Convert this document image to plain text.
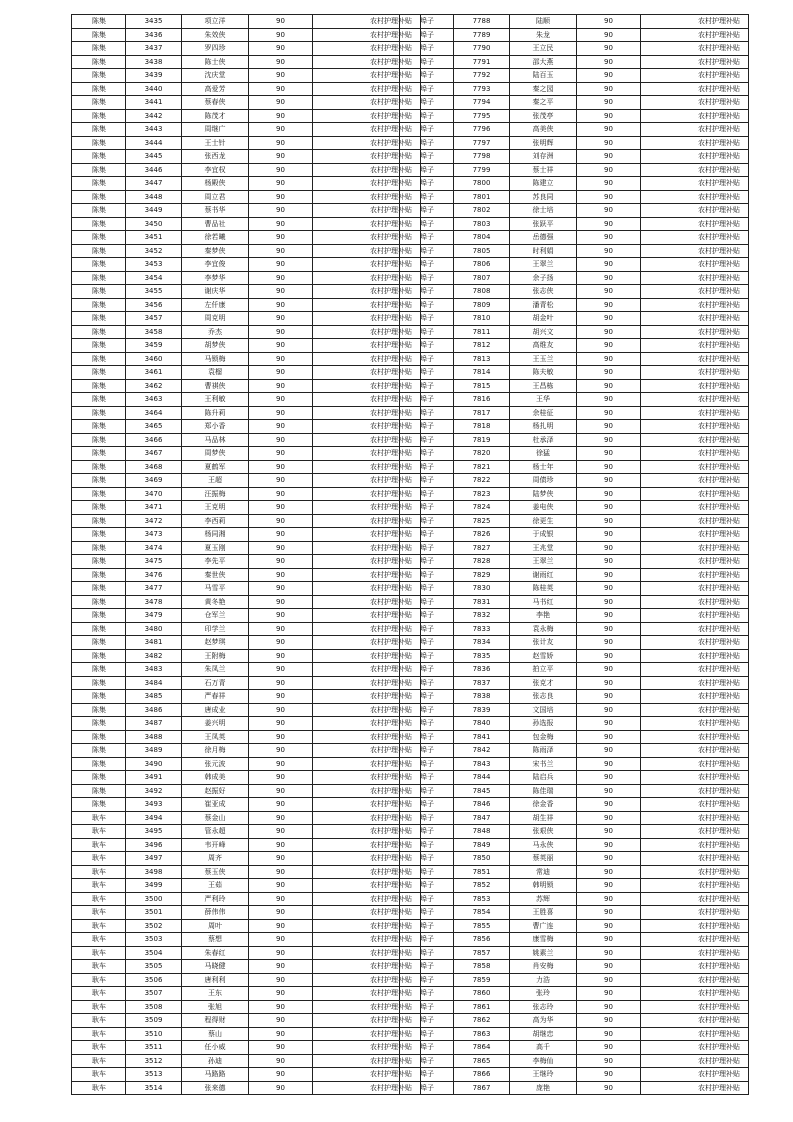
陈集	3435	项立洋	90	农村护理补贴
陈集	3436	朱效侠	90	农村护理补贴
陈集	3437	罗四珍	90	农村护理补贴
陈集	3438	陈士侠	90	农村护理补贴
陈集	3439	沈庆堂	90	农村护理补贴
陈集	3440	高爱芳	90	农村护理补贴
陈集	3441	蔡春侠	90	农村护理补贴
陈集	3442	陈茂才	90	农村护理补贴
陈集	3443	周继广	90	农村护理补贴
陈集	3444	王士针	90	农村护理补贴
陈集	3445	张西龙	90	农村护理补贴
陈集	3446	李宜权	90	农村护理补贴
陈集	3447	杨殿侠	90	农村护理补贴
陈集	3448	周立君	90	农村护理补贴
陈集	3449	蔡书华	90	农村护理补贴
陈集	3450	曹品社	90	农村护理补贴
陈集	3451	徐若曦	90	农村护理补贴
陈集	3452	秦梦侠	90	农村护理补贴
陈集	3453	李宜俊	90	农村护理补贴
陈集	3454	李梦华	90	农村护理补贴
陈集	3455	谢庆华	90	农村护理补贴
陈集	3456	左仟康	90	农村护理补贴
陈集	3457	周克明	90	农村护理补贴
陈集	3458	乔杰	90	农村护理补贴
陈集	3459	胡梦侠	90	农村护理补贴
陈集	3460	马锁梅	90	农村护理补贴
陈集	3461	袁榴	90	农村护理补贴
陈集	3462	曹祺侠	90	农村护理补贴
陈集	3463	王利敏	90	农村护理补贴
陈集	3464	陈升莉	90	农村护理补贴
陈集	3465	郑小香	90	农村护理补贴
陈集	3466	马品林	90	农村护理补贴
陈集	3467	周梦侠	90	农村护理补贴
陈集	3468	夏鹤军	90	农村护理补贴
陈集	3469	王超	90	农村护理补贴
陈集	3470	汪振梅	90	农村护理补贴
陈集	3471	王克明	90	农村护理补贴
陈集	3472	李西莉	90	农村护理补贴
陈集	3473	杨同湘	90	农村护理补贴
陈集	3474	夏玉刚	90	农村护理补贴
陈集	3475	李先平	90	农村护理补贴
陈集	3476	秦世侠	90	农村护理补贴
陈集	3477	马雪平	90	农村护理补贴
陈集	3478	黄冬艳	90	农村护理补贴
陈集	3479	仓军兰	90	农村护理补贴
陈集	3480	印学兰	90	农村护理补贴
陈集	3481	赵梦琪	90	农村护理补贴
陈集	3482	王附梅	90	农村护理补贴
陈集	3483	朱凤兰	90	农村护理补贴
陈集	3484	石万青	90	农村护理补贴
陈集	3485	严春祥	90	农村护理补贴
陈集	3486	唐成业	90	农村护理补贴
陈集	3487	姜兴明	90	农村护理补贴
陈集	3488	王凤英	90	农村护理补贴
陈集	3489	徐月梅	90	农村护理补贴
陈集	3490	张元波	90	农村护理补贴
陈集	3491	韩成美	90	农村护理补贴
陈集	3492	赵振好	90	农村护理补贴
陈集	3493	崔亚成	90	农村护理补贴
耿车	3494	蔡金山	90	农村护理补贴
耿车	3495	管永超	90	农村护理补贴
耿车	3496	韦开峰	90	农村护理补贴
耿车	3497	周齐	90	农村护理补贴
耿车	3498	蔡玉侠	90	农村护理补贴
耿车	3499	王茹	90	农村护理补贴
耿车	3500	严利玲	90	农村护理补贴
耿车	3501	薛伟伟	90	农村护理补贴
耿车	3502	周叶	90	农村护理补贴
耿车	3503	蔡想	90	农村护理补贴
耿车	3504	朱春红	90	农村护理补贴
耿车	3505	马晓健	90	农村护理补贴
耿车	3506	唐利利	90	农村护理补贴
耿车	3507	王东	90	农村护理补贴
耿车	3508	张旭	90	农村护理补贴
耿车	3509	程得财	90	农村护理补贴
耿车	3510	蔡山	90	农村护理补贴
耿车	3511	任小威	90	农村护理补贴
耿车	3512	孙迪	90	农村护理补贴
耿车	3513	马路路	90	农村护理补贴
耿车	3514	张来德	90	农村护理补贴
埠子	7788	陆顺	90	农村护理补贴
埠子	7789	朱龙	90	农村护理补贴
埠子	7790	王立民	90	农村护理补贴
埠子	7791	邵大燕	90	农村护理补贴
埠子	7792	陆百玉	90	农村护理补贴
埠子	7793	秦之园	90	农村护理补贴
埠子	7794	秦之平	90	农村护理补贴
埠子	7795	张茂亭	90	农村护理补贴
埠子	7796	高美侠	90	农村护理补贴
埠子	7797	张明辉	90	农村护理补贴
埠子	7798	刘存洲	90	农村护理补贴
埠子	7799	蔡士祥	90	农村护理补贴
埠子	7800	陈建立	90	农村护理补贴
埠子	7801	苏良同	90	农村护理补贴
埠子	7802	徐士培	90	农村护理补贴
埠子	7803	张跃平	90	农村护理补贴
埠子	7804	岳德强	90	农村护理补贴
埠子	7805	时利娟	90	农村护理补贴
埠子	7806	王翠兰	90	农村护理补贴
埠子	7807	余子扬	90	农村护理补贴
埠子	7808	张志侠	90	农村护理补贴
埠子	7809	潘青松	90	农村护理补贴
埠子	7810	胡金叶	90	农村护理补贴
埠子	7811	胡兴文	90	农村护理补贴
埠子	7812	高维友	90	农村护理补贴
埠子	7813	王玉兰	90	农村护理补贴
埠子	7814	陈夫敏	90	农村护理补贴
埠子	7815	王昌栋	90	农村护理补贴
埠子	7816	王华	90	农村护理补贴
埠子	7817	余桂征	90	农村护理补贴
埠子	7818	杨扎明	90	农村护理补贴
埠子	7819	杜承泽	90	农村护理补贴
埠子	7820	徐猛	90	农村护理补贴
埠子	7821	杨士年	90	农村护理补贴
埠子	7822	周债珍	90	农村护理补贴
埠子	7823	陆梦侠	90	农村护理补贴
埠子	7824	姜电侠	90	农村护理补贴
埠子	7825	徐更生	90	农村护理补贴
埠子	7826	于成银	90	农村护理补贴
埠子	7827	王兆堂	90	农村护理补贴
埠子	7828	王翠兰	90	农村护理补贴
埠子	7829	谢雨红	90	农村护理补贴
埠子	7830	陈桂英	90	农村护理补贴
埠子	7831	马书红	90	农村护理补贴
埠子	7832	李艳	90	农村护理补贴
埠子	7833	袁永梅	90	农村护理补贴
埠子	7834	张计友	90	农村护理补贴
埠子	7835	赵雪娇	90	农村护理补贴
埠子	7836	拍立平	90	农村护理补贴
埠子	7837	张克才	90	农村护理补贴
埠子	7838	张志良	90	农村护理补贴
埠子	7839	文国培	90	农村护理补贴
埠子	7840	孙选报	90	农村护理补贴
埠子	7841	包金梅	90	农村护理补贴
埠子	7842	陈雨泽	90	农村护理补贴
埠子	7843	宋书兰	90	农村护理补贴
埠子	7844	陆启兵	90	农村护理补贴
埠子	7845	陈佳瑞	90	农村护理补贴
埠子	7846	徐金香	90	农村护理补贴
埠子	7847	胡生祥	90	农村护理补贴
埠子	7848	张艰侠	90	农村护理补贴
埠子	7849	马永侠	90	农村护理补贴
埠子	7850	蔡英丽	90	农村护理补贴
埠子	7851	常迪	90	农村护理补贴
埠子	7852	韩明锁	90	农村护理补贴
埠子	7853	苏辉	90	农村护理补贴
埠子	7854	王胜喜	90	农村护理补贴
埠子	7855	曹广连	90	农村护理补贴
埠子	7856	康雪梅	90	农村护理补贴
埠子	7857	姚素兰	90	农村护理补贴
埠子	7858	肖安梅	90	农村护理补贴
埠子	7859	力浩	90	农村护理补贴
埠子	7860	张玲	90	农村护理补贴
埠子	7861	张志玲	90	农村护理补贴
埠子	7862	高为华	90	农村护理补贴
埠子	7863	胡继忠	90	农村护理补贴
埠子	7864	高千	90	农村护理补贴
埠子	7865	李梅仙	90	农村护理补贴
埠子	7866	王继玲	90	农村护理补贴
埠子	7867	庞艳	90	农村护理补贴
